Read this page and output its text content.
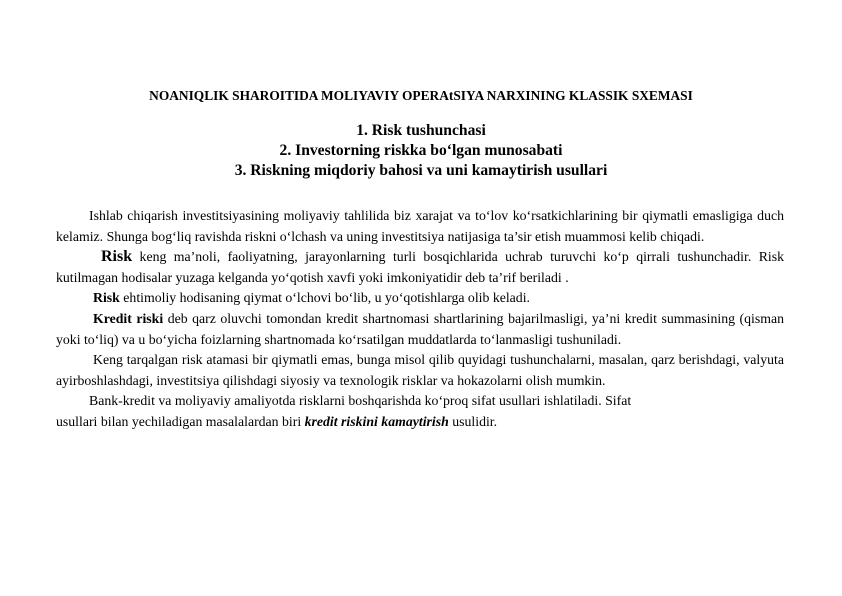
NOANIQLIK SHAROITIDA MOLIYAVIY OPERAtSIYA NARXINING KLASSIK SXEMASI
1. Risk tushunchasi
2. Investorning riskka bo‘lgan munosabati
3. Riskning miqdoriy bahosi va uni kamaytirish usullari

Ishlab chiqarish investitsiyasining moliyaviy tahlilida biz xarajat va to‘lov ko‘rsatkichlarining bir qiymatli emasligiga duch kelamiz. Shunga bog‘liq ravishda riskni o‘lchash va uning investitsiya natijasiga ta’sir etish muammosi kelib chiqadi.

Risk keng ma’noli, faoliyatning, jarayonlarning turli bosqichlarida uchrab turuvchi ko‘p qirrali tushunchadir. Risk kutilmagan hodisalar yuzaga kelganda yo‘qotish xavfi yoki imkoniyatidir deb ta’rif beriladi .

Risk ehtimoliy hodisaning qiymat o‘lchovi bo‘lib, u yo‘qotishlarga olib keladi.

Kredit riski deb qarz oluvchi tomondan kredit shartnomasi shartlarining bajarilmasligi, ya’ni kredit summasining (qisman yoki to‘liq) va u bo‘yicha foizlarning shartnomada ko‘rsatilgan muddatlarda to‘lanmasligi tushuniladi.

Keng tarqalgan risk atamasi bir qiymatli emas, bunga misol qilib quyidagi tushunchalarni, masalan, qarz berishdagi, valyuta ayirboshlashdagi, investitsiya qilishdagi siyosiy va texnologik risklar va hokazolarni olish mumkin.

Bank-kredit va moliyaviy amaliyotda risklarni boshqarishda ko‘proq sifat usullari ishlatiladi. Sifat
usullari bilan yechiladigan masalalardan biri kredit riskini kamaytirish usulidir.
